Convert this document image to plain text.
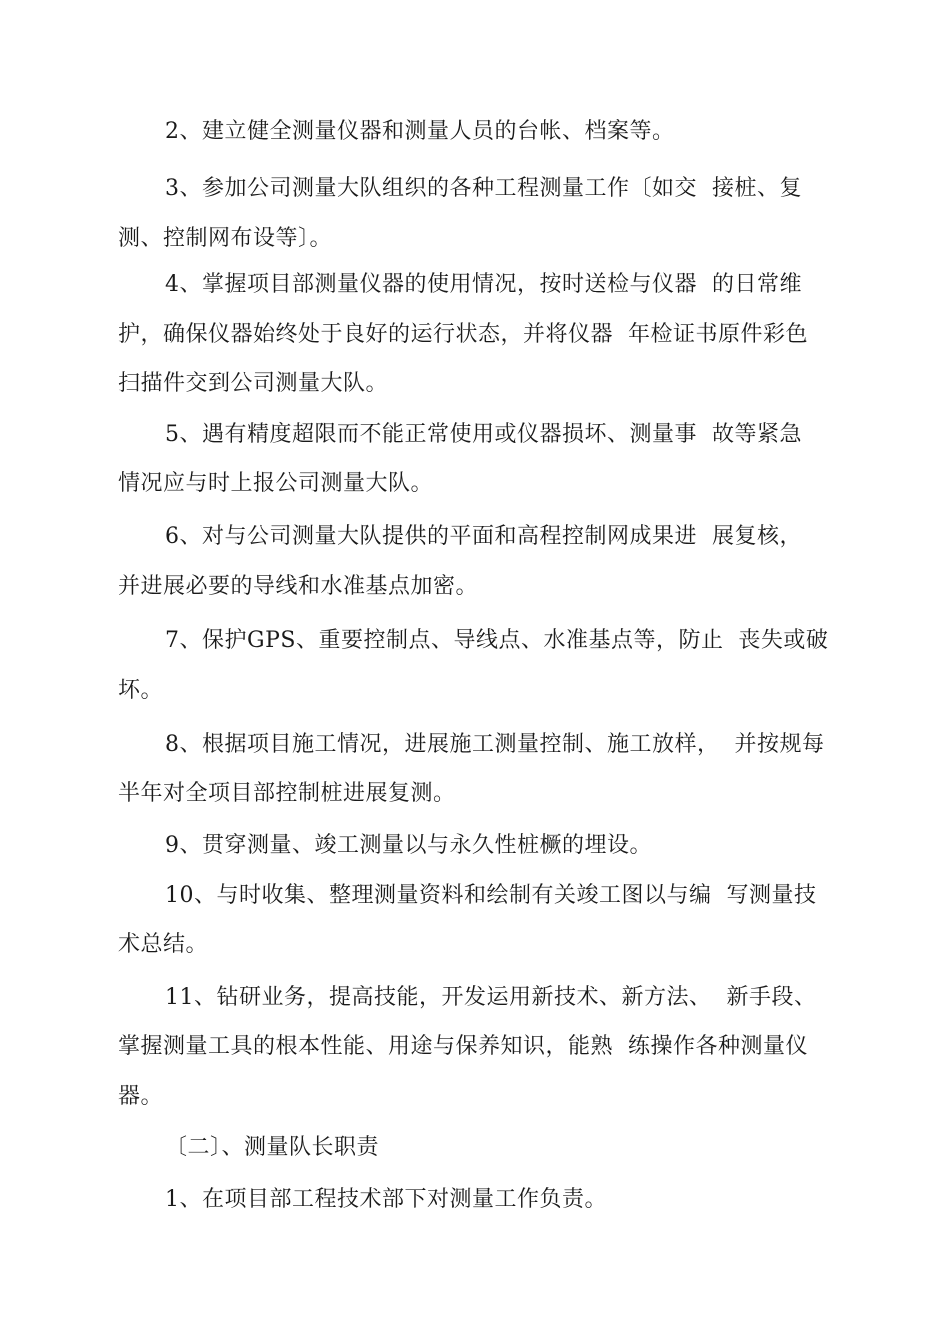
2、建立健全测量仪器和测量人员的台帐、档案等。

3、参加公司测量大队组织的各种工程测量工作〔如交  接桩、复

测、控制网布设等〕。

4、掌握项目部测量仪器的使用情况，按时送检与仪器  的日常维

护，确保仪器始终处于良好的运行状态，并将仪器  年检证书原件彩色

扫描件交到公司测量大队。

5、遇有精度超限而不能正常使用或仪器损坏、测量事  故等紧急

情况应与时上报公司测量大队。

6、对与公司测量大队提供的平面和高程控制网成果进  展复核，

并进展必要的导线和水准基点加密。

7、保护GPS、重要控制点、导线点、水准基点等，防止  丧失或破

坏。

8、根据项目施工情况，进展施工测量控制、施工放样，  并按规每

半年对全项目部控制桩进展复测。

9、贯穿测量、竣工测量以与永久性桩橛的埋设。

10、与时收集、整理测量资料和绘制有关竣工图以与编  写测量技

术总结。

11、钻研业务，提高技能，开发运用新技术、新方法、  新手段、

掌握测量工具的根本性能、用途与保养知识，能熟  练操作各种测量仪

器。

〔二〕、测量队长职责

1、在项目部工程技术部下对测量工作负责。
